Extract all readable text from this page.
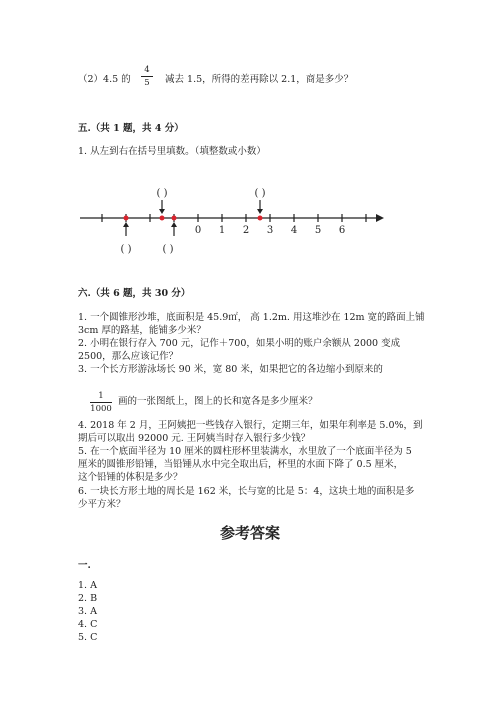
（2）4.5 的
4
5	减去 1.5，所得的差再除以 2.1，商是多少？
五.（共 1 题，共 4 分）
1. 从左到右在括号里填数。（填整数或小数）
0 1 2 3 4 5 6
( )	( )
( )	( )
六.（共 6 题，共 30 分）
1. 一个圆锥形沙堆，底面积是 45.9㎡， 高 1.2m. 用这堆沙在 12m 宽的路面上铺
3cm 厚的路基，能铺多少米？
2. 小明在银行存入 700 元，记作＋700，如果小明的账户余额从 2000 变成
2500，那么应该记作？
3. 一个长方形游泳场长 90 米，宽 80 米，如果把它的各边缩小到原来的
1
1000
画的一张图纸上，图上的长和宽各是多少厘米？
4. 2018 年 2 月，王阿姨把一些钱存入银行，定期三年，如果年利率是 5.0%，到
期后可以取出 92000 元. 王阿姨当时存入银行多少钱？
5. 在一个底面半径为 10 厘米的圆柱形杯里装满水，水里放了一个底面半径为 5
厘米的圆锥形铅锤，当铅锤从水中完全取出后，杯里的水面下降了 0.5 厘米，
这个铅锤的体积是多少？
6. 一块长方形土地的周长是 162 米，长与宽的比是 5：4，这块土地的面积是多
少平方米？
参考答案
一.
1. A
2. B
3. A
4. C
5. C
